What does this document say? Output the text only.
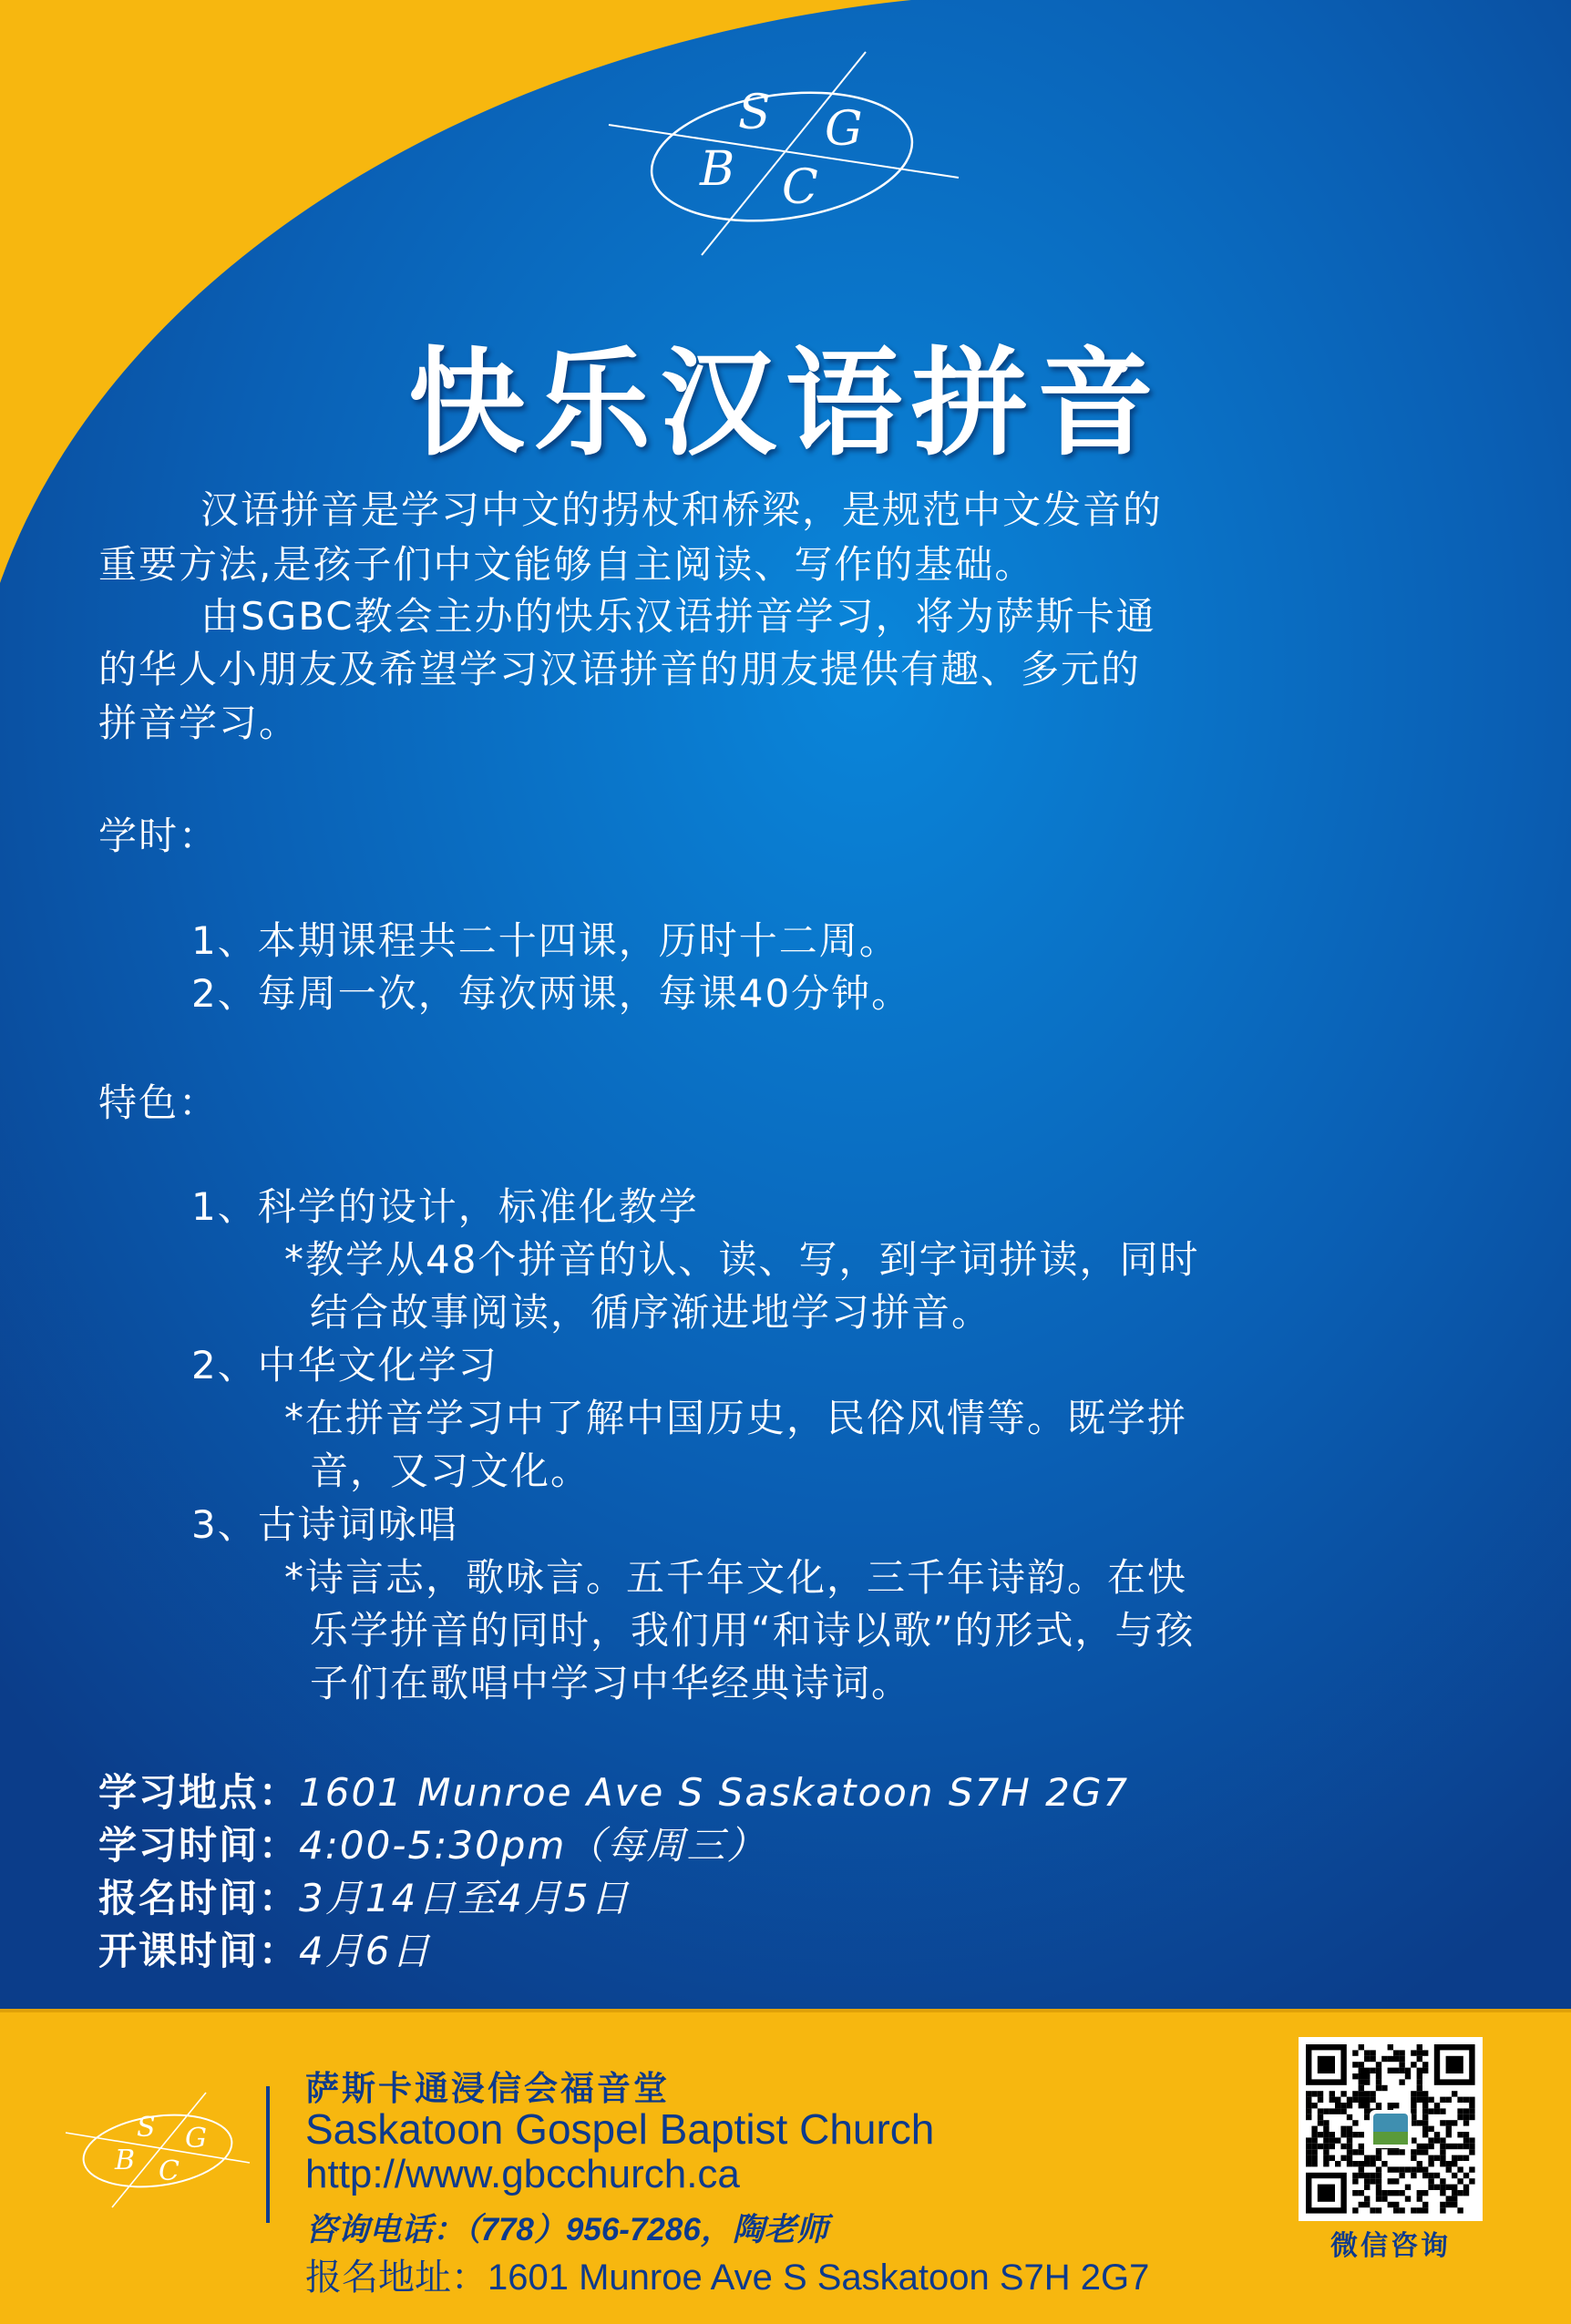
S G
B C
快乐汉语拼音
汉语拼音是学习中文的拐杖和桥梁，是规范中文发音的
重要方法,是孩子们中文能够自主阅读、写作的基础。
由SGBC教会主办的快乐汉语拼音学习，将为萨斯卡通
的华人小朋友及希望学习汉语拼音的朋友提供有趣、多元的
拼音学习。
学时：
1、本期课程共二十四课，历时十二周。
2、每周一次，每次两课，每课40分钟。
特色：
1、科学的设计，标准化教学
*教学从48个拼音的认、读、写，到字词拼读，同时
结合故事阅读，循序渐进地学习拼音。
2、中华文化学习
*在拼音学习中了解中国历史，民俗风情等。既学拼
音，又习文化。
3、古诗词咏唱
*诗言志，歌咏言。五千年文化，三千年诗韵。在快
乐学拼音的同时，我们用“和诗以歌”的形式，与孩
子们在歌唱中学习中华经典诗词。
学习地点：1601 Munroe Ave S Saskatoon S7H 2G7
学习时间：4:00-5:30pm（每周三）
报名时间：3月14日至4月5日
开课时间：4月6日
S G
B C
萨斯卡通浸信会福音堂
Saskatoon Gospel Baptist Church
http://www.gbcchurch.ca
咨询电话：（778）956-7286，陶老师
报名地址：1601 Munroe Ave S Saskatoon S7H 2G7
微信咨询
